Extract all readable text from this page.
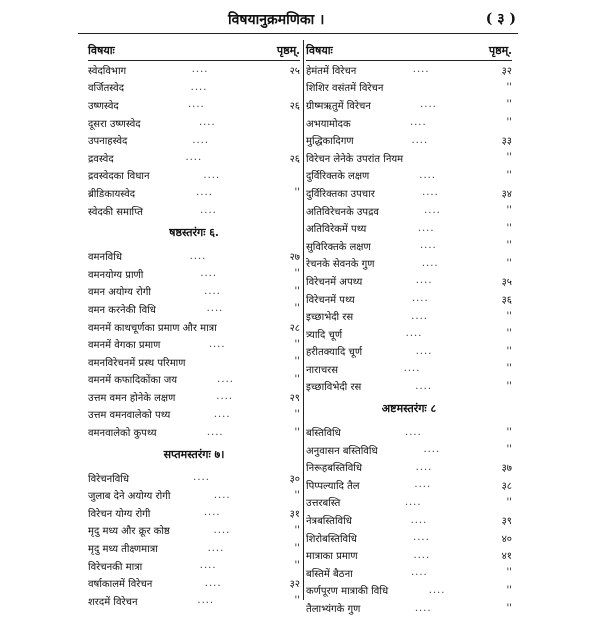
विषयानुक्रमणिका ।	( ३ )
विषयाः	पृष्ठम्.
स्वेदविभाग	....	२५
वर्जितस्वेद	....
उष्णस्वेद	....	२६
दूसरा उष्णस्वेद	....
उपनाहस्वेद	....
द्रवस्वेद	....	२६
द्रवस्वेदका विधान	....
ब्रीडिकायस्वेद	....	''
स्वेदकी समाप्ति	....
षष्ठस्तरंगः ६.
वमनविधि	....	२७
वमनयोग्य प्राणी	....	''
वमन अयोग्य रोगी	....	''
वमन करनेकी विधि	....	''
वमनमें काथचूर्णका प्रमाण और मात्रा	२८
वमनमें वेगका प्रमाण	....	''
वमनविरेचनमें प्रस्थ परिमाण	''
वमनमें कफादिकोंका जय	....	''
उत्तम वमन होनेके लक्षण	....	२९
उत्तम वमनवालेको पथ्य	....	''
वमनवालेको कुपथ्य	....	''
सप्तमस्तरंगः ७।
विरेचनविधि	....	३०
जुलाब देने अयोग्य रोगी	....	''
विरेचन योग्य रोगी	....	३१
मृदु मध्य और क्रूर कोष्ठ	....	''
मृदु मध्य तीक्ष्णमात्रा	....	''
विरेचनकी मात्रा	....	''
वर्षाकालमें विरेचन	....	३२
शरदमें विरेचन	....	''
विषयाः	पृष्ठम्.
हेमंतमें विरेचन	....	३२
शिशिर वसंतमें विरेचन	''
ग्रीष्मऋतुमें विरेचन	....	''
अभयामोदक	....	''
मुद्धिकादिगण	....	३३
विरेचन लेनेके उपरांत नियम	''
दुर्विरिक्तके लक्षण	....	''
दुर्विरिक्तका उपचार	....	३४
अतिविरेचनके उपद्रव	....	''
अतिविरेकमें पथ्य	....	''
सुविरिक्तके लक्षण	....	''
रेचनके सेवनके गुण	....	''
विरेचनमें अपथ्य	....	३५
विरेचनमें पथ्य	....	३६
इच्छाभेदी रस	....	''
त्र्यादि चूर्ण	....	''
हरीतक्यादि चूर्ण	....	''
नाराचरस	....	''
इच्छाविभेदी रस	....	''
अष्टमस्तरंगः ८
बस्तिविधि	....	''
अनुवासन बस्तिविधि	....	''
निरूहबस्तिविधि	....	३७
पिप्पल्यादि तैल	....	३८
उत्तरबस्ति	....	''
नेत्रबस्तिविधि	....	३९
शिरोबस्तिविधि	....	४०
मात्राका प्रमाण	....	४१
बस्तिमें बैठना	....	''
कर्णपूरण मात्राकी विधि	....	''
तैलाभ्यंगके गुण	....	''
